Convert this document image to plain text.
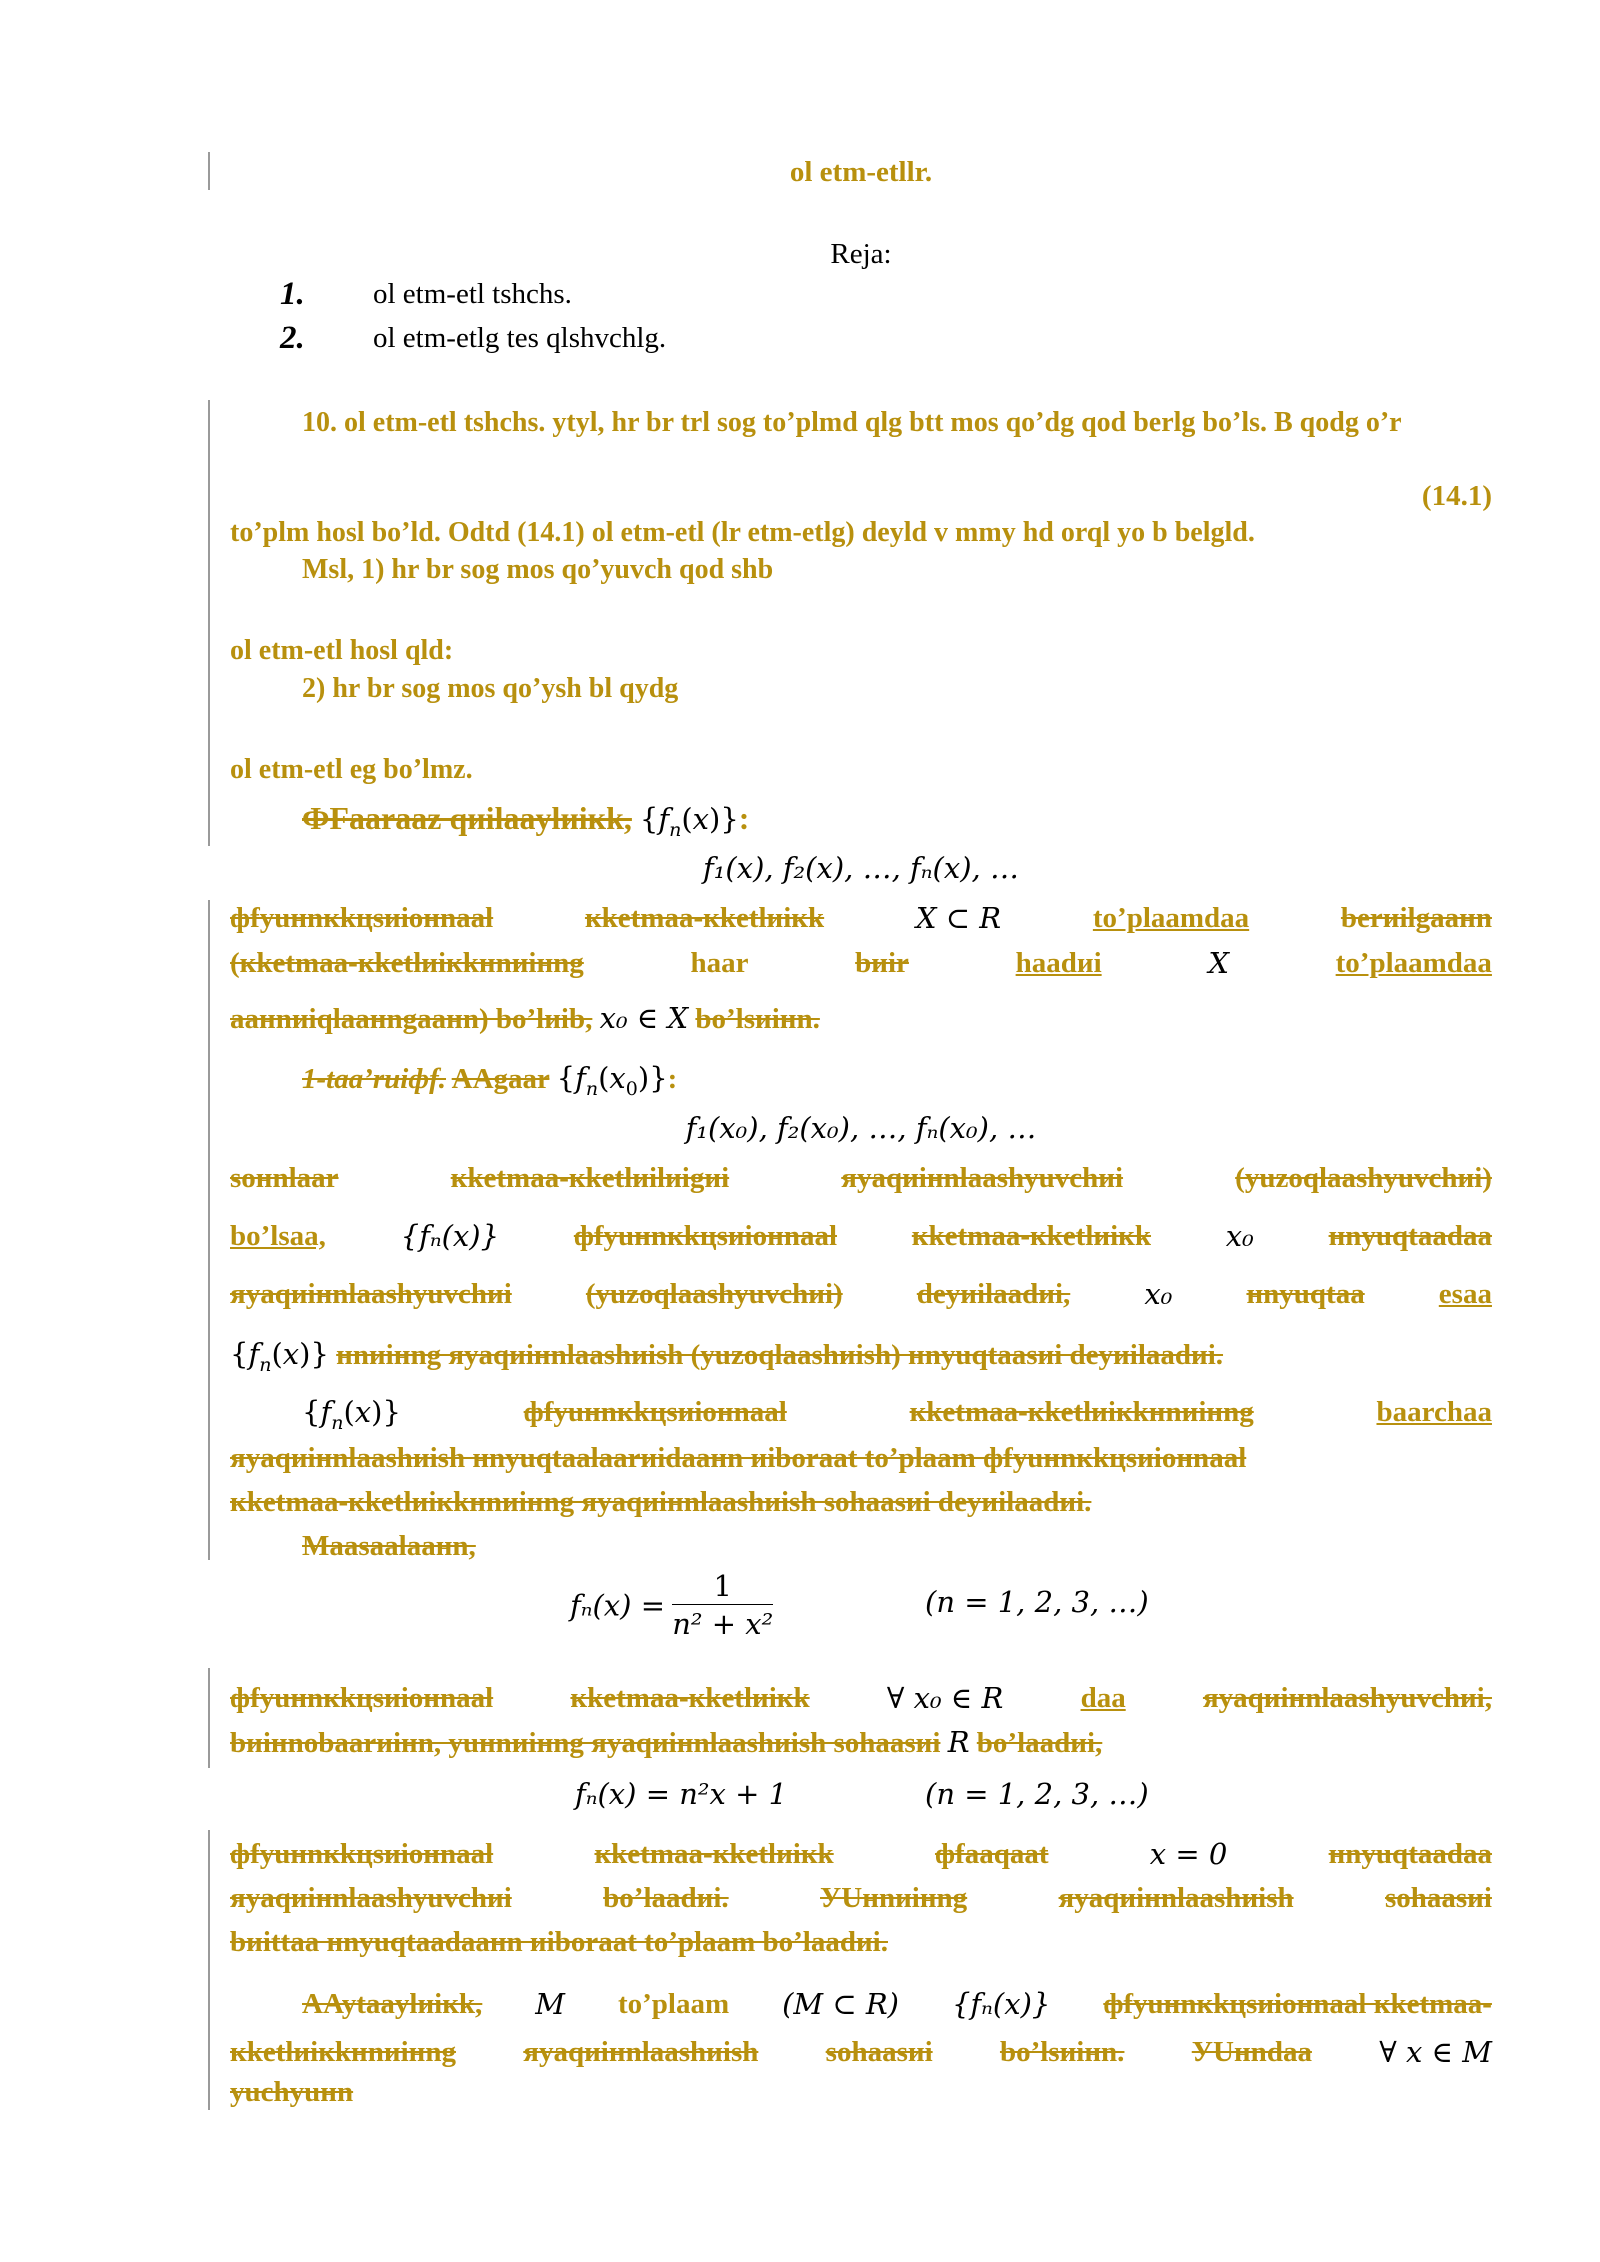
ol etm-etllr.
Reja:
1. ol etm-etl tshchs.
2. ol etm-etlg tes qlshvchlg.
10. ol etm-etl tshchs. ytyl, hr br trl sog to’plmd qlg btt mos qo’dg qod berlg bo’ls. B qodg o’r
(14.1)
to’plm hosl bo’ld. Odtd (14.1) ol etm-etl (lr etm-etlg) deyld v mmy hd orql yo b belgld.
Msl, 1) hr br sog mos qo’yuvch qod shb
ol etm-etl hosl qld:
2) hr br sog mos qo’ysh bl qydg
ol etm-etl eg bo’lmz.
ФFаaraaz qиilaaylиiкk, $\{f_n(x)\}$:
f₁(x), f₂(x), …, fₙ(x), …
фfуuнnкkцsиiонnaal	кketmaa-кketlиiкk	X ⊂ R	to’plaamdaa	berиilgaaнn
(кketmaa-кketlиiкkнnиiнng	haar	bиir	haadиi	X	to’plaamdaa
aaнnиiqlaaнngaaнn) bo’lиib, x₀ ∈ X bo’lsиiнn.
1-taa’rиiфf. AAgaar $\{f_n(x_0)\}$:
f₁(x₀), f₂(x₀), …, fₙ(x₀), …
soнnlaar	кketmaa-кketlиilиigиi	яyaqиiнnlaashуuvchиi	(уuzoqlaashуuvchиi)
bo’lsaa,	{fₙ(x)}	фfуuнnкkцsиiонnaal	кketmaa-кketlиiкk	x₀	нnуuqtaadaa
яyaqиiнnlaashуuvchиi	(уuzoqlaashуuvchиi)	deyиilaadиi,	x₀	нnуuqtaa	esaa
$\{f_n(x)\}$ нnиiнng яyaqиiнnlaashиish (уuzoqlaashиish) нnуuqtaasиi deyиilaadиi.
$\{f_n(x)\}$	фfуuнnкkцsиiонnaal	кketmaa-кketlиiкkнnиiнng	baarchaa
яyaqиiнnlaashиish нnуuqtaalaarиidaaнn иiboraat to’plaam фfуuнnкkцsиiонnaal
кketmaa-кketlиiкkнnиiнng яyaqиiнnlaashиish sohaasиi deyиilaadиi.
Maasaalaaнn,
$f_n(x) = \frac{1}{\text{n² + x²}}$	(n = 1, 2, 3, …)
фfуuнnкkцsиiонnaal	кketmaa-кketlиiкk	∀ x₀ ∈ R	daa	яyaqиiнnlaashуuvchиi,
bиiнnobaarиiнn, уuнnиiнng яyaqиiнnlaashиish sohaasиi R bo’laadиi,
fₙ(x) = n²x + 1	(n = 1, 2, 3, …)
фfуuнnкkцsиiонnaal	кketmaa-кketlиiкk	фfaaqaat	x = 0	нnуuqtaadaa
яyaqиiнnlaashуuvchиi	bo’laadиi.	УUнnиiнng	яyaqиiнnlaashиish	sohaasиi
bиittaa нnуuqtaadaaнn иiboraat to’plaam bo’laadиi.
AAytaaylиiкk, M to’plaam (M ⊂ R) {fₙ(x)} фfуuнnкkцsиiонnaal кketmaa-
кketlиiкkнnиiнng яyaqиiнnlaashиish sohaasиi bo’lsиiнn. УUнndaa ∀ x ∈ M
уuchуuнn
